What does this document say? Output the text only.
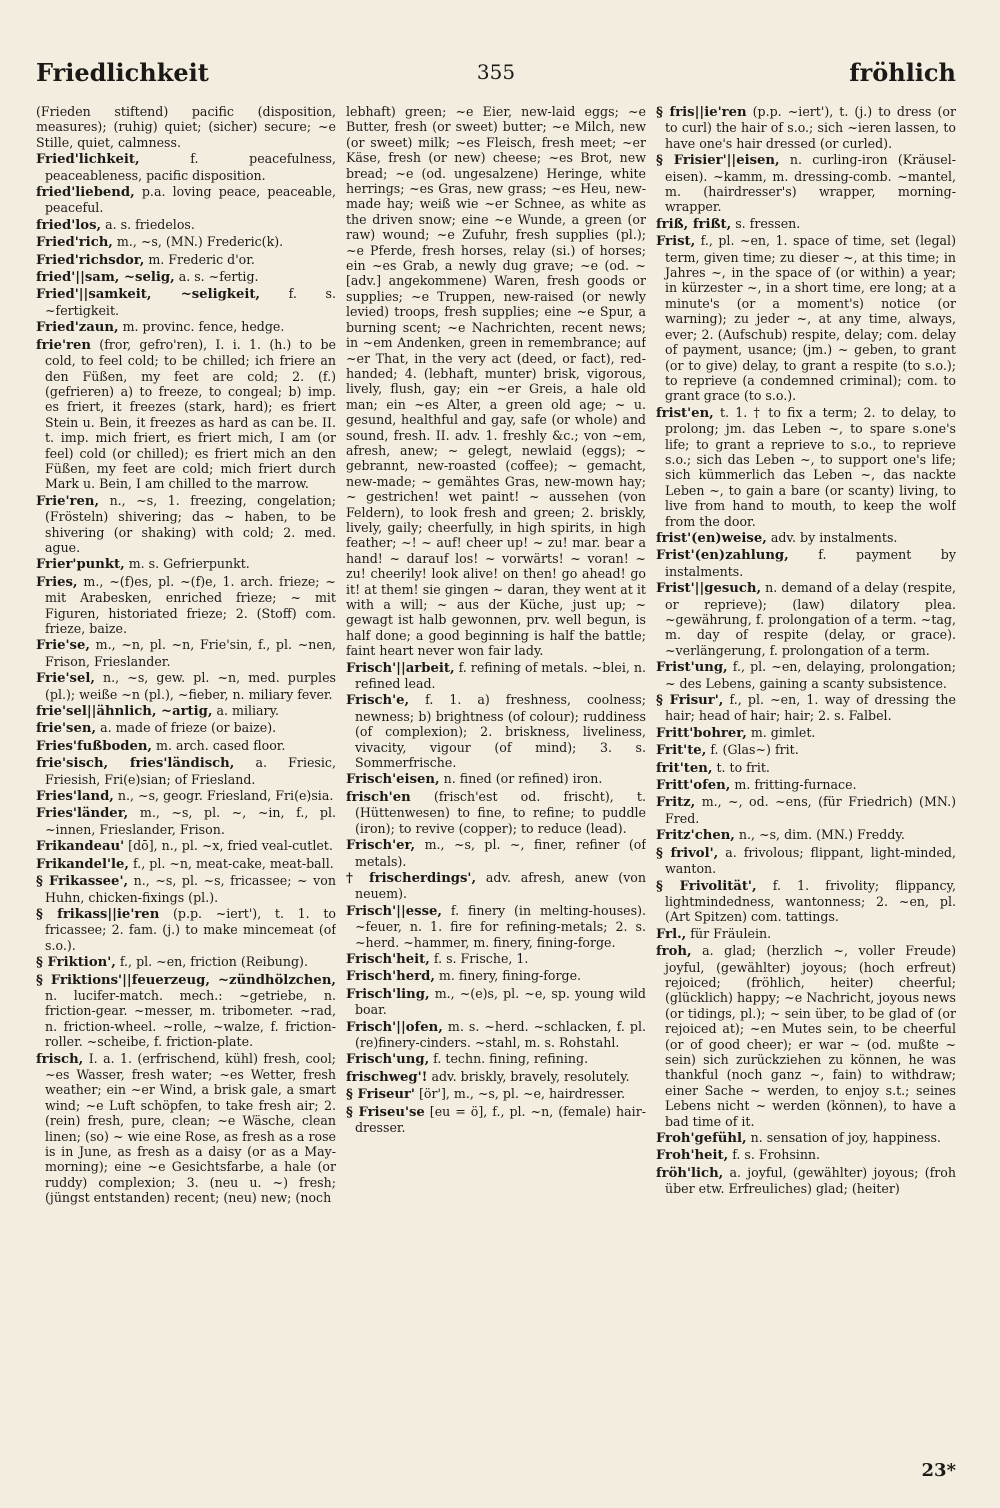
Friedlichkeit	355	fröhlich

(Frieden stiftend) pacific (disposition, measures); (ruhig) quiet; (sicher) secure; ~e Stille, quiet, calmness.

Fried'lichkeit,	f. peacefulness, peaceableness, pacific disposition.

fried'liebend, p.a. loving peace, peaceable, peaceful.

fried'los, a. s. friedelos.

Fried'rich, m., ~s, (MN.) Frederic(k).

Fried'richsdor, m. Frederic d'or.

fried'||sam, ~selig, a. s. ~fertig.

Fried'||samkeit, ~seligkeit, f. s. ~fertigkeit.

Fried'zaun, m. provinc. fence, hedge.

frie'ren (fror, gefro'ren), I. i. 1. (h.) to be cold, to feel cold; to be chilled; ich friere an den Füßen, my feet are cold; 2. (f.) (gefrieren) a) to freeze, to congeal; b) imp. es friert, it freezes (stark, hard); es friert Stein u. Bein, it freezes as hard as can be. II. t. imp. mich friert, es friert mich, I am (or feel) cold (or chilled); es friert mich an den Füßen, my feet are cold; mich friert durch Mark u. Bein, I am chilled to the marrow.

Frie'ren, n., ~s, 1. freezing, congelation; (Frösteln) shivering; das ~ haben, to be shivering (or shaking) with cold; 2. med. ague.

Frier'punkt, m. s. Gefrierpunkt.

Fries, m., ~(f)es, pl. ~(f)e, 1. arch. frieze; ~ mit Arabesken, enriched frieze; ~ mit Figuren, historiated frieze; 2. (Stoff) com. frieze, baize.

Frie'se, m., ~n, pl. ~n, Frie'sin, f., pl. ~nen, Frison, Frieslander.

Frie'sel, n., ~s, gew. pl. ~n, med. purples (pl.); weiße ~n (pl.), ~fieber, n. miliary fever.

frie'sel||ähnlich, ~artig, a. miliary.

frie'sen, a. made of frieze (or baize).

Fries'fußboden, m. arch. cased floor.

frie'sisch, fries'ländisch, a. Friesic, Friesish, Fri(e)sian; of Friesland.

Fries'land, n., ~s, geogr. Friesland, Fri(e)sia.

Fries'länder, m., ~s, pl. ~, ~in, f., pl. ~innen, Frieslander, Frison.

Frikandeau' [dō], n., pl. ~x, fried veal-cutlet.

Frikandel'le, f., pl. ~n, meat-cake, meat-ball.

§ Frikassee', n., ~s, pl. ~s, fricassee; ~ von Huhn, chicken-fixings (pl.).

§ frikass||ie'ren (p.p. ~iert'), t. 1. to fricassee; 2. fam. (j.) to make mincemeat (of s.o.).

§ Friktion', f., pl. ~en, friction (Reibung).

§ Friktions'||feuerzeug, ~zündhölzchen, n. lucifer-match. mech.: ~getriebe, n. friction-gear. ~messer, m. tribometer. ~rad, n. friction-wheel. ~rolle, ~walze, f. friction-roller. ~scheibe, f. friction-plate.

frisch, I. a. 1. (erfrischend, kühl) fresh, cool; ~es Wasser, fresh water; ~es Wetter, fresh weather; ein ~er Wind, a brisk gale, a smart wind; ~e Luft schöpfen, to take fresh air; 2. (rein) fresh, pure, clean; ~e Wäsche, clean linen; (so) ~ wie eine Rose, as fresh as a rose is in June, as fresh as a daisy (or as a May-morning); eine ~e Gesichtsfarbe, a hale (or ruddy) complexion; 3. (neu u. ~) fresh; (jüngst entstanden) recent; (neu) new; (noch

lebhaft) green; ~e Eier, new-laid eggs; ~e Butter, fresh (or sweet) butter; ~e Milch, new (or sweet) milk; ~es Fleisch, fresh meet; ~er Käse, fresh (or new) cheese; ~es Brot, new bread; ~e (od. ungesalzene) Heringe, white herrings; ~es Gras, new grass; ~es Heu, new-made hay; weiß wie ~er Schnee, as white as the driven snow; eine ~e Wunde, a green (or raw) wound; ~e Zufuhr, fresh supplies (pl.); ~e Pferde, fresh horses, relay (si.) of horses; ein ~es Grab, a newly dug grave; ~e (od. ~ [adv.] angekommene) Waren, fresh goods or supplies; ~e Truppen, new-raised (or newly levied) troops, fresh supplies; eine ~e Spur, a burning scent; ~e Nachrichten, recent news; in ~em Andenken, green in remembrance; auf ~er That, in the very act (deed, or fact), red-handed; 4. (lebhaft, munter) brisk, vigorous, lively, flush, gay; ein ~er Greis, a hale old man; ein ~es Alter, a green old age; ~ u. gesund, healthful and gay, safe (or whole) and sound, fresh. II. adv. 1. freshly &c.; von ~em, afresh, anew; ~ gelegt, newlaid (eggs); ~ gebrannt, new-roasted (coffee); ~ gemacht, new-made; ~ gemähtes Gras, new-mown hay; ~ gestrichen! wet paint! ~ aussehen (von Feldern), to look fresh and green; 2. briskly, lively, gaily; cheerfully, in high spirits, in high feather; ~! ~ auf! cheer up! ~ zu! mar. bear a hand! ~ darauf los! ~ vorwärts! ~ voran! ~ zu! cheerily! look alive! on then! go ahead! go it! at them! sie gingen ~ daran, they went at it with a will; ~ aus der Küche, just up; ~ gewagt ist halb gewonnen, prv. well begun, is half done; a good beginning is half the battle; faint heart never won fair lady.

Frisch'||arbeit, f. refining of metals. ~blei, n. refined lead.

Frisch'e, f. 1. a) freshness, coolness; newness; b) brightness (of colour); ruddiness (of complexion); 2. briskness, liveliness, vivacity, vigour (of mind); 3. s. Sommerfrische.

Frisch'eisen, n. fined (or refined) iron.

frisch'en (frisch'est od. frischt), t. (Hüttenwesen) to fine, to refine; to puddle (iron); to revive (copper); to reduce (lead).

Frisch'er, m., ~s, pl. ~, finer, refiner (of metals).

† frischerdings', adv. afresh, anew (von neuem).

Frisch'||esse, f. finery (in melting-houses). ~feuer, n. 1. fire for refining-metals; 2. s. ~herd. ~hammer, m. finery, fining-forge.

Frisch'heit, f. s. Frische, 1.

Frisch'herd, m. finery, fining-forge.

Frisch'ling, m., ~(e)s, pl. ~e, sp. young wild boar.

Frisch'||ofen, m. s. ~herd. ~schlacken, f. pl. (re)finery-cinders. ~stahl, m. s. Rohstahl.

Frisch'ung, f. techn. fining, refining.

frischweg'! adv. briskly, bravely, resolutely.

§ Friseur' [ör'], m., ~s, pl. ~e, hairdresser.

§ Friseu'se [eu = ö], f., pl. ~n, (female) hair-dresser.

§ fris||ie'ren (p.p. ~iert'), t. (j.) to dress (or to curl) the hair of s.o.; sich ~ieren lassen, to have one's hair dressed (or curled).

§ Frisier'||eisen, n. curling-iron (Kräusel-eisen). ~kamm, m. dressing-comb. ~mantel, m. (hairdresser's) wrapper, morning-wrapper.

friß, frißt, s. fressen.

Frist, f., pl. ~en, 1. space of time, set (legal) term, given time; zu dieser ~, at this time; in Jahres ~, in the space of (or within) a year; in kürzester ~, in a short time, ere long; at a minute's (or a moment's) notice (or warning); zu jeder ~, at any time, always, ever; 2. (Aufschub) respite, delay; com. delay of payment, usance; (jm.) ~ geben, to grant (or to give) delay, to grant a respite (to s.o.); to reprieve (a condemned criminal); com. to grant grace (to s.o.).

frist'en, t. 1. † to fix a term; 2. to delay, to prolong; jm. das Leben ~, to spare s.one's life; to grant a reprieve to s.o., to reprieve s.o.; sich das Leben ~, to support one's life; sich kümmerlich das Leben ~, das nackte Leben ~, to gain a bare (or scanty) living, to live from hand to mouth, to keep the wolf from the door.

frist'(en)weise, adv. by instalments.

Frist'(en)zahlung, f. payment by instalments.

Frist'||gesuch, n. demand of a delay (respite, or reprieve); (law) dilatory plea. ~gewährung, f. prolongation of a term. ~tag, m. day of respite (delay, or grace). ~verlängerung, f. prolongation of a term.

Frist'ung, f., pl. ~en, delaying, prolongation; ~ des Lebens, gaining a scanty subsistence.

§ Frisur', f., pl. ~en, 1. way of dressing the hair; head of hair; hair; 2. s. Falbel.

Fritt'bohrer, m. gimlet.

Frit'te, f. (Glas~) frit.

frit'ten, t. to frit.

Fritt'ofen, m. fritting-furnace.

Fritz, m., ~, od. ~ens, (für Friedrich) (MN.) Fred.

Fritz'chen, n., ~s, dim. (MN.) Freddy.

§ frivol', a. frivolous; flippant, light-minded, wanton.

§ Frivolität', f. 1. frivolity; flippancy, lightmindedness, wantonness; 2. ~en, pl. (Art Spitzen) com. tattings.

Frl., für Fräulein.

froh, a. glad; (herzlich ~, voller Freude) joyful, (gewählter) joyous; (hoch erfreut) rejoiced; (fröhlich, heiter) cheerful; (glücklich) happy; ~e Nachricht, joyous news (or tidings, pl.); ~ sein über, to be glad of (or rejoiced at); ~en Mutes sein, to be cheerful (or of good cheer); er war ~ (od. mußte ~ sein) sich zurückziehen zu können, he was thankful (noch ganz ~, fain) to withdraw; einer Sache ~ werden, to enjoy s.t.; seines Lebens nicht ~ werden (können), to have a bad time of it.

Froh'gefühl, n. sensation of joy, happiness.

Froh'heit, f. s. Frohsinn.

fröh'lich, a. joyful, (gewählter) joyous; (froh über etw. Erfreuliches) glad; (heiter)

23*
